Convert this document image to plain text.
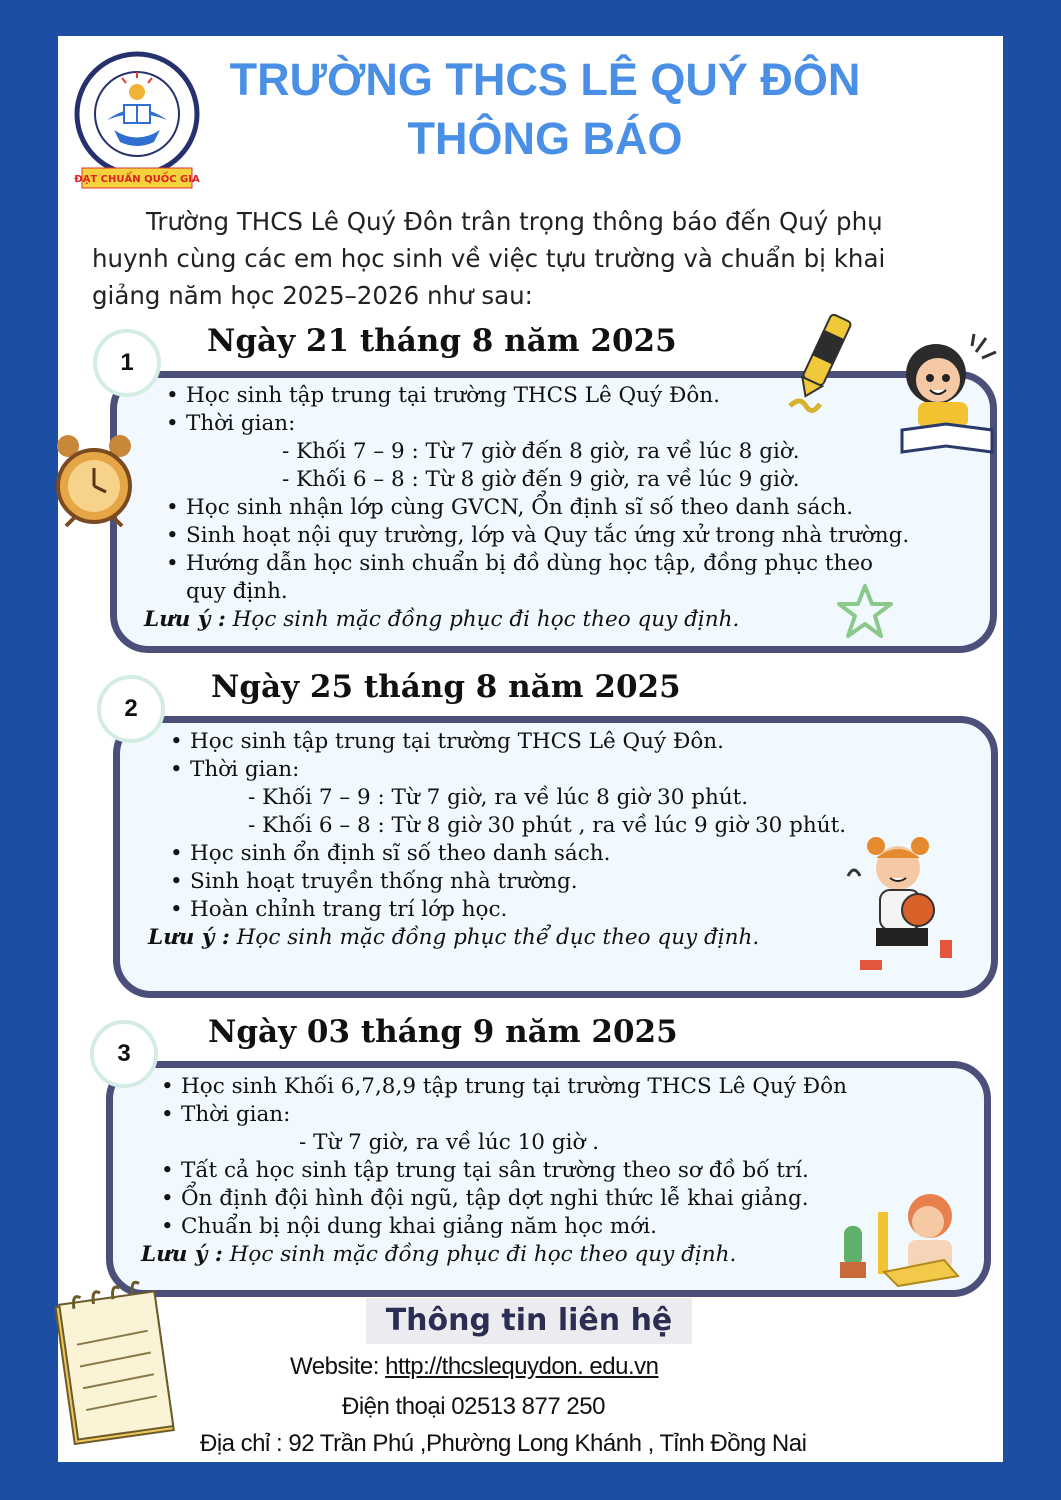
ĐẠT CHUẨN QUỐC GIA
TRƯỜNG THCS LÊ QUÝ ĐÔN
THÔNG BÁO
Trường THCS Lê Quý Đôn trân trọng thông báo đến Quý phụ
huynh cùng các em học sinh về việc tựu trường và chuẩn bị khai
giảng năm học 2025–2026 như sau:
1
Ngày 21 tháng 8 năm 2025
• Học sinh tập trung tại trường THCS Lê Quý Đôn.
• Thời gian:
- Khối 7 – 9 : Từ 7 giờ đến 8 giờ, ra về lúc 8 giờ.
- Khối 6 – 8 : Từ 8 giờ đến 9 giờ, ra về lúc 9 giờ.
• Học sinh nhận lớp cùng GVCN, Ổn định sĩ số theo danh sách.
• Sinh hoạt nội quy trường, lớp và Quy tắc ứng xử trong nhà trường.
• Hướng dẫn học sinh chuẩn bị đồ dùng học tập, đồng phục theo
quy định.
Lưu ý : Học sinh mặc đồng phục đi học theo quy định.
2
Ngày 25 tháng 8 năm 2025
• Học sinh tập trung tại trường THCS Lê Quý Đôn.
• Thời gian:
- Khối 7 – 9 : Từ 7 giờ, ra về lúc 8 giờ 30 phút.
- Khối 6 – 8 : Từ 8 giờ 30 phút , ra về lúc 9 giờ 30 phút.
• Học sinh ổn định sĩ số theo danh sách.
• Sinh hoạt truyền thống nhà trường.
• Hoàn chỉnh trang trí lớp học.
Lưu ý : Học sinh mặc đồng phục thể dục theo quy định.
3
Ngày 03 tháng 9 năm 2025
• Học sinh Khối 6,7,8,9 tập trung tại trường THCS Lê Quý Đôn
• Thời gian:
- Từ 7 giờ, ra về lúc 10 giờ .
• Tất cả học sinh tập trung tại sân trường theo sơ đồ bố trí.
• Ổn định đội hình đội ngũ, tập dợt nghi thức lễ khai giảng.
• Chuẩn bị nội dung khai giảng năm học mới.
Lưu ý : Học sinh mặc đồng phục đi học theo quy định.
Thông tin liên hệ
Website: http://thcslequydon. edu.vn
Điện thoại 02513 877 250
Địa chỉ : 92 Trần Phú ,Phường Long Khánh , Tỉnh Đồng Nai
